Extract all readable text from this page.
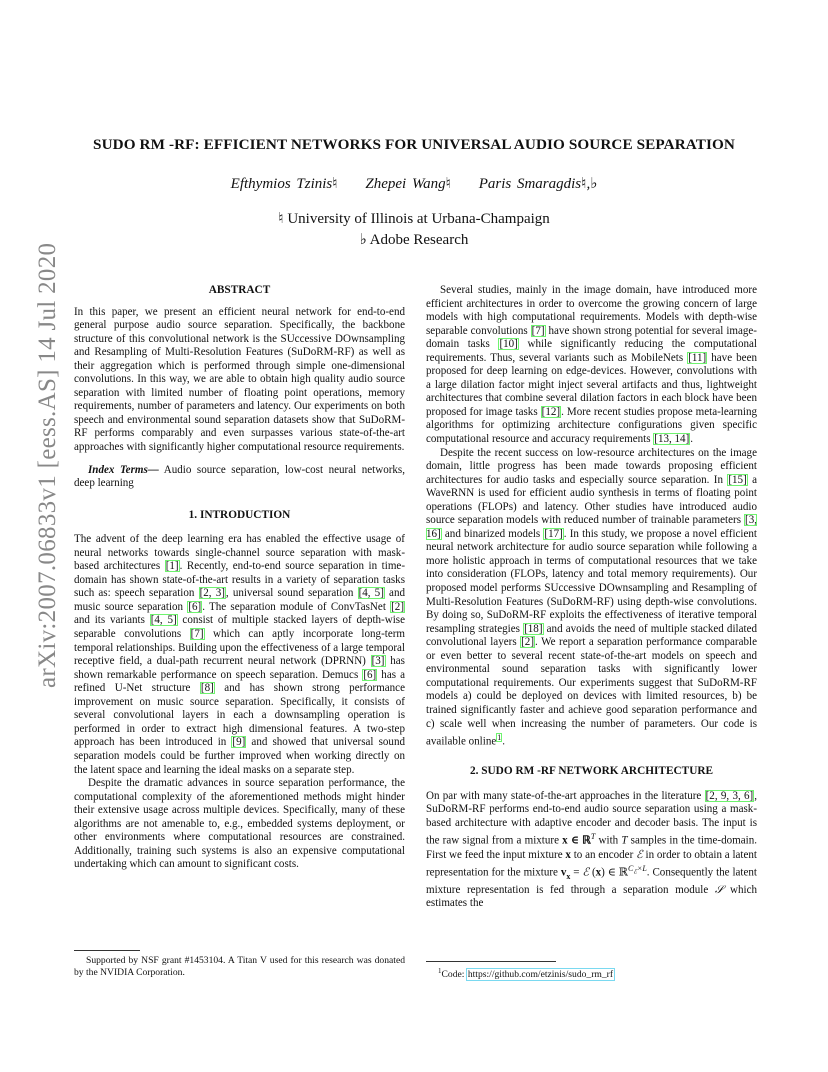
arXiv:2007.06833v1 [eess.AS] 14 Jul 2020
SUDO RM -RF: EFFICIENT NETWORKS FOR UNIVERSAL AUDIO SOURCE SEPARATION
Efthymios Tzinis♮ Zhepei Wang♮ Paris Smaragdis♮,♭
♮ University of Illinois at Urbana-Champaign
♭ Adobe Research

ABSTRACT

In this paper, we present an efficient neural network for end-to-end general purpose audio source separation. Specifically, the backbone structure of this convolutional network is the SUccessive DOwnsampling and Resampling of Multi-Resolution Features (SuDoRM-RF) as well as their aggregation which is performed through simple one-dimensional convolutions. In this way, we are able to obtain high quality audio source separation with limited number of floating point operations, memory requirements, number of parameters and latency. Our experiments on both speech and environmental sound separation datasets show that SuDoRM-RF performs comparably and even surpasses various state-of-the-art approaches with significantly higher computational resource requirements.

Index Terms— Audio source separation, low-cost neural networks, deep learning

1. INTRODUCTION

The advent of the deep learning era has enabled the effective usage of neural networks towards single-channel source separation with mask-based architectures [1]. Recently, end-to-end source separation in time-domain has shown state-of-the-art results in a variety of separation tasks such as: speech separation [2, 3], universal sound separation [4, 5] and music source separation [6]. The separation module of ConvTasNet [2] and its variants [4, 5] consist of multiple stacked layers of depth-wise separable convolutions [7] which can aptly incorporate long-term temporal relationships. Building upon the effectiveness of a large temporal receptive field, a dual-path recurrent neural network (DPRNN) [3] has shown remarkable performance on speech separation. Demucs [6] has a refined U-Net structure [8] and has shown strong performance improvement on music source separation. Specifically, it consists of several convolutional layers in each a downsampling operation is performed in order to extract high dimensional features. A two-step approach has been introduced in [9] and showed that universal sound separation models could be further improved when working directly on the latent space and learning the ideal masks on a separate step.

Despite the dramatic advances in source separation performance, the computational complexity of the aforementioned methods might hinder their extensive usage across multiple devices. Specifically, many of these algorithms are not amenable to, e.g., embedded systems deployment, or other environments where computational resources are constrained. Additionally, training such systems is also an expensive computational undertaking which can amount to significant costs.

Supported by NSF grant #1453104. A Titan V used for this research was donated by the NVIDIA Corporation.

Several studies, mainly in the image domain, have introduced more efficient architectures in order to overcome the growing concern of large models with high computational requirements. Models with depth-wise separable convolutions [7] have shown strong potential for several image-domain tasks [10] while significantly reducing the computational requirements. Thus, several variants such as MobileNets [11] have been proposed for deep learning on edge-devices. However, convolutions with a large dilation factor might inject several artifacts and thus, lightweight architectures that combine several dilation factors in each block have been proposed for image tasks [12]. More recent studies propose meta-learning algorithms for optimizing architecture configurations given specific computational resource and accuracy requirements [13, 14].

Despite the recent success on low-resource architectures on the image domain, little progress has been made towards proposing efficient architectures for audio tasks and especially source separation. In [15] a WaveRNN is used for efficient audio synthesis in terms of floating point operations (FLOPs) and latency. Other studies have introduced audio source separation models with reduced number of trainable parameters [3, 16] and binarized models [17]. In this study, we propose a novel efficient neural network architecture for audio source separation while following a more holistic approach in terms of computational resources that we take into consideration (FLOPs, latency and total memory requirements). Our proposed model performs SUccessive DOwnsampling and Resampling of Multi-Resolution Features (SuDoRM-RF) using depth-wise convolutions. By doing so, SuDoRM-RF exploits the effectiveness of iterative temporal resampling strategies [18] and avoids the need of multiple stacked dilated convolutional layers [2]. We report a separation performance comparable or even better to several recent state-of-the-art models on speech and environmental sound separation tasks with significantly lower computational requirements. Our experiments suggest that SuDoRM-RF models a) could be deployed on devices with limited resources, b) be trained significantly faster and achieve good separation performance and c) scale well when increasing the number of parameters. Our code is available online$^1$.

2. SUDO RM -RF NETWORK ARCHITECTURE

On par with many state-of-the-art approaches in the literature [2, 9, 3, 6], SuDoRM-RF performs end-to-end audio source separation using a mask-based architecture with adaptive encoder and decoder basis. The input is the raw signal from a mixture x ∈ ℝ$^T$ with T samples in the time-domain. First we feed the input mixture x to an encoder ℰ in order to obtain a latent representation for the mixture $v_x$ = ℰ (x) ∈ ℝ$^{C_ℰ\times L}$. Consequently the latent mixture representation is fed through a separation module 𝒮 which estimates the

$^1$Code: https://github.com/etzinis/sudo_rm_rf
